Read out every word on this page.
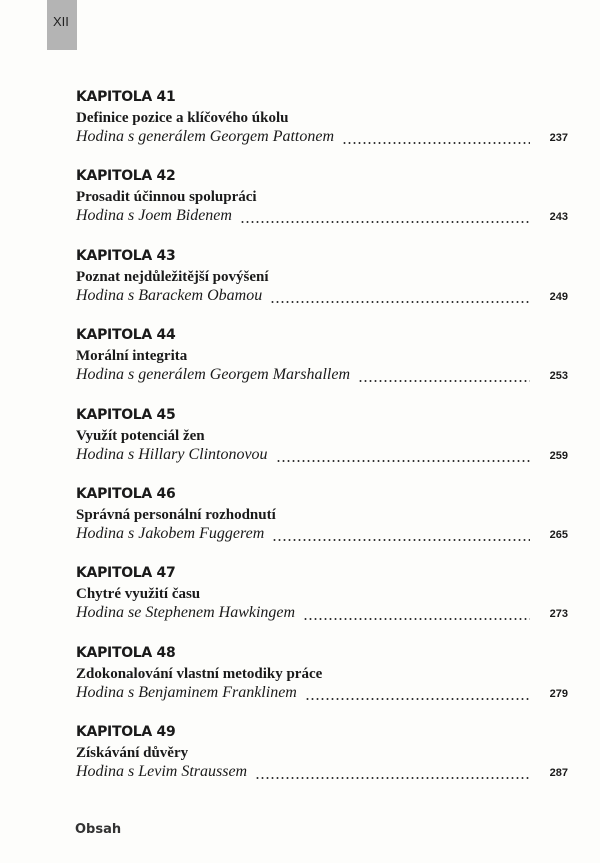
XII
KAPITOLA 41
Definice pozice a klíčového úkolu
Hodina s generálem Georgem Pattonem	237
KAPITOLA 42
Prosadit účinnou spolupráci
Hodina s Joem Bidenem	243
KAPITOLA 43
Poznat nejdůležitější povýšení
Hodina s Barackem Obamou	249
KAPITOLA 44
Morální integrita
Hodina s generálem Georgem Marshallem	253
KAPITOLA 45
Využít potenciál žen
Hodina s Hillary Clintonovou	259
KAPITOLA 46
Správná personální rozhodnutí
Hodina s Jakobem Fuggerem	265
KAPITOLA 47
Chytré využití času
Hodina se Stephenem Hawkingem	273
KAPITOLA 48
Zdokonalování vlastní metodiky práce
Hodina s Benjaminem Franklinem	279
KAPITOLA 49
Získávání důvěry
Hodina s Levim Straussem	287
Obsah
